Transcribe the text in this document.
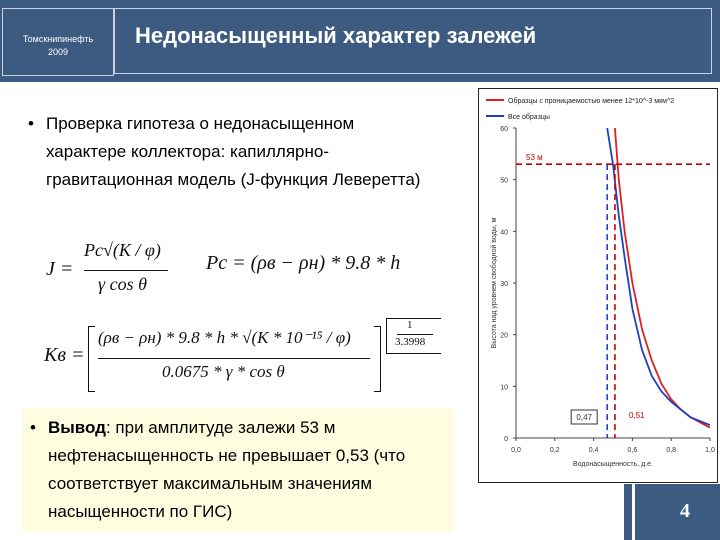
Томскнипинефть
2009
Недонасыщенный характер залежей
• Проверка гипотеза о недонасыщенном характере коллектора: капиллярно-гравитационная модель (J-функция Леверетта)
J =
Pc√(K / φ)
γ cos θ
Pc = (ρв − ρн) * 9.8 * h
Kв =
(ρв − ρн) * 9.8 * h * √(K * 10⁻¹⁵ / φ)
0.0675 * γ * cos θ
1
3.3998
• Вывод: при амплитуде залежи 53 м нефтенасыщенность не превышает 0,53 (что соответствует максимальным значениям насыщенности по ГИС)
Образцы с проницаемостью менее 12*10^-3 мкм^2
Все образцы
0
10
20
30
40
50
60
0,0	0,2	0,4	0,6	0,8	1,0
Водонасыщенность, д.е.
Высота над уровнем свободной воды, м
53 м
0,47	0,51
4
